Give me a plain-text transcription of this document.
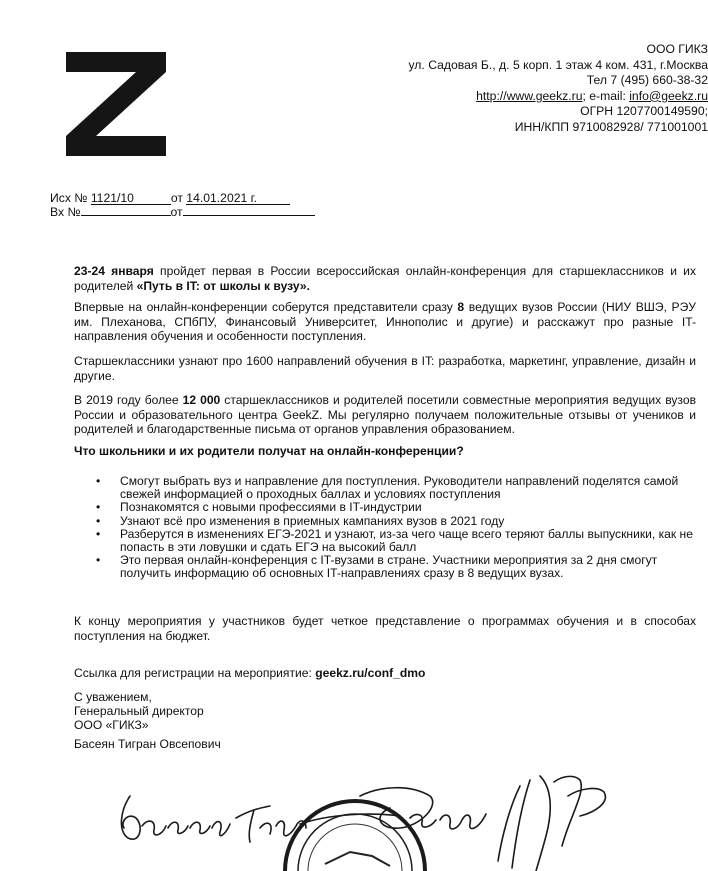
ООО ГИКЗ
ул. Садовая Б., д. 5 корп. 1 этаж 4 ком. 431, г.Москва
Тел 7 (495) 660-38-32
http://www.geekz.ru; e-mail: info@geekz.ru
ОГРН 1207700149590;
ИНН/КПП 9710082928/ 771001001
Исх № 1121/10	от 14.01.2021 г.
Вх №	от

23-24 января пройдет первая в России всероссийская онлайн-конференция для старшеклассников и их родителей «Путь в IT: от школы к вузу».

Впервые на онлайн-конференции соберутся представители сразу 8 ведущих вузов России (НИУ ВШЭ, РЭУ им. Плеханова, СПбПУ, Финансовый Университет, Иннополис и другие) и расскажут про разные IT-направления обучения и особенности поступления.

Старшеклассники узнают про 1600 направлений обучения в IT: разработка, маркетинг, управление, дизайн и другие.

В 2019 году более 12 000 старшеклассников и родителей посетили совместные мероприятия ведущих вузов России и образовательного центра GeekZ. Мы регулярно получаем положительные отзывы от учеников и родителей и благодарственные письма от органов управления образованием.

Что школьники и их родители получат на онлайн-конференции?

• Смогут выбрать вуз и направление для поступления. Руководители направлений поделятся самой свежей информацией о проходных баллах и условиях поступления
• Познакомятся с новыми профессиями в IT-индустрии
• Узнают всё про изменения в приемных кампаниях вузов в 2021 году
• Разберутся в изменениях ЕГЭ-2021 и узнают, из-за чего чаще всего теряют баллы выпускники, как не попасть в эти ловушки и сдать ЕГЭ на высокий балл
• Это первая онлайн-конференция с IT-вузами в стране. Участники мероприятия за 2 дня смогут получить информацию об основных IT-направлениях сразу в 8 ведущих вузах.

К концу мероприятия у участников будет четкое представление о программах обучения и в способах поступления на бюджет.

Ссылка для регистрации на мероприятие: geekz.ru/conf_dmo

С уважением,
Генеральный директор
ООО «ГИКЗ»
Басеян Тигран Овсепович
